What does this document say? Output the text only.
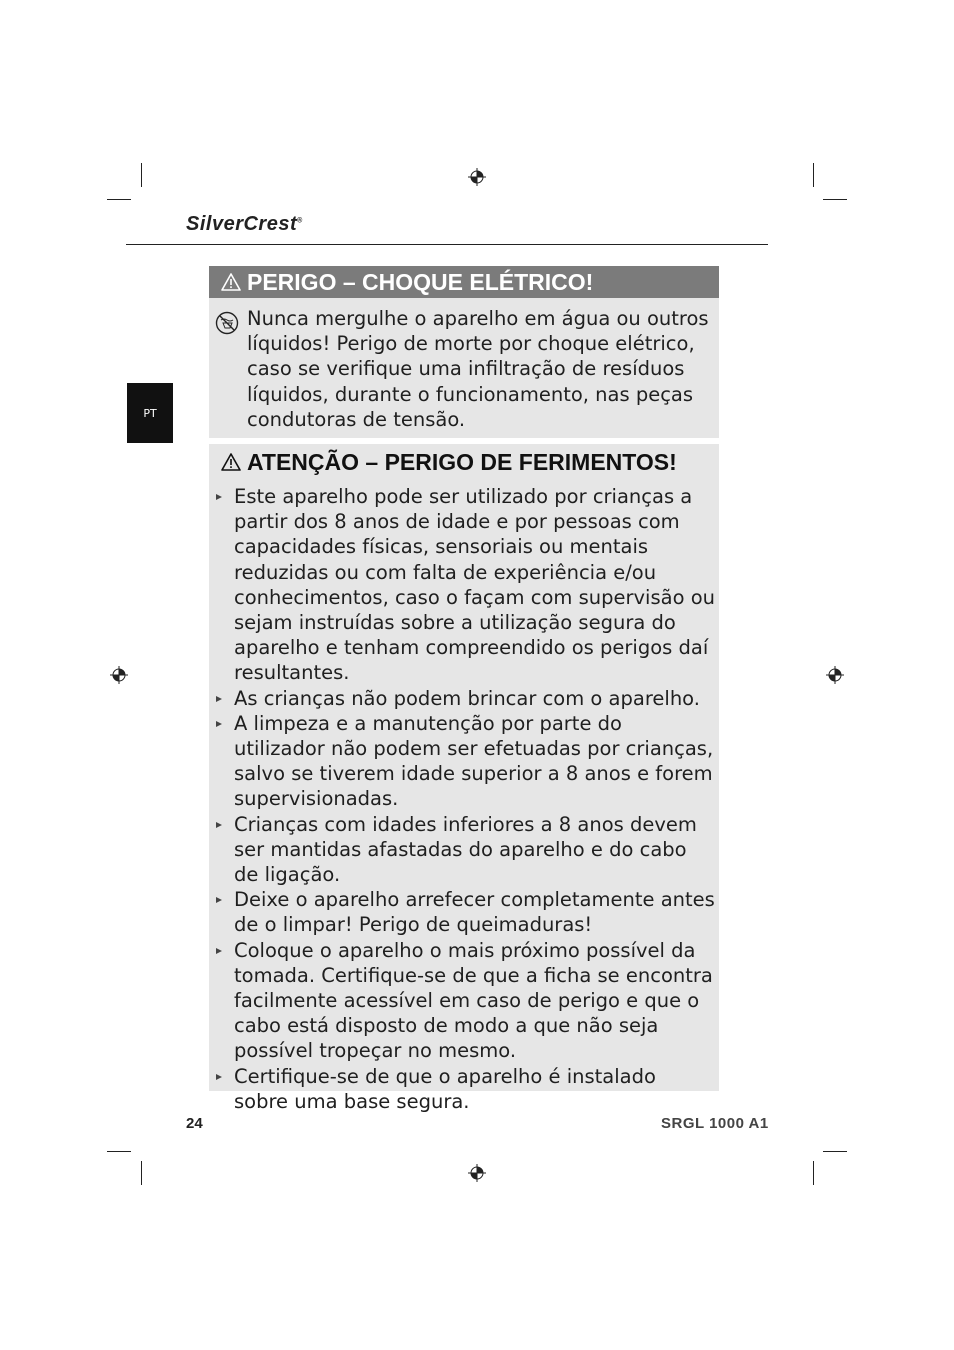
SilverCrest®
PT
PERIGO – CHOQUE ELÉTRICO!
Nunca mergulhe o aparelho em água ou outros líquidos! Perigo de morte por choque elétrico, caso se verifique uma infiltração de resíduos líquidos, durante o funcionamento, nas peças condutoras de tensão.
ATENÇÃO – PERIGO DE FERIMENTOS!
Este aparelho pode ser utilizado por crianças a partir dos 8 anos de idade e por pessoas com capacidades físicas, sensoriais ou mentais reduzidas ou com falta de experiência e/ou conhecimentos, caso o façam com supervisão ou sejam instruídas sobre a utilização segura do aparelho e tenham compreendido os perigos daí resultantes.
As crianças não podem brincar com o aparelho.
A limpeza e a manutenção por parte do utilizador não podem ser efetuadas por crianças, salvo se tiverem idade superior a 8 anos e forem supervisionadas.
Crianças com idades inferiores a 8 anos devem ser mantidas afastadas do aparelho e do cabo de ligação.
Deixe o aparelho arrefecer completamente antes de o limpar! Perigo de queimaduras!
Coloque o aparelho o mais próximo possível da tomada. Certifique-se de que a ficha se encontra facilmente acessível em caso de perigo e que o cabo está disposto de modo a que não seja possível tropeçar no mesmo.
Certifique-se de que o aparelho é instalado sobre uma base segura.
24	SRGL 1000 A1
